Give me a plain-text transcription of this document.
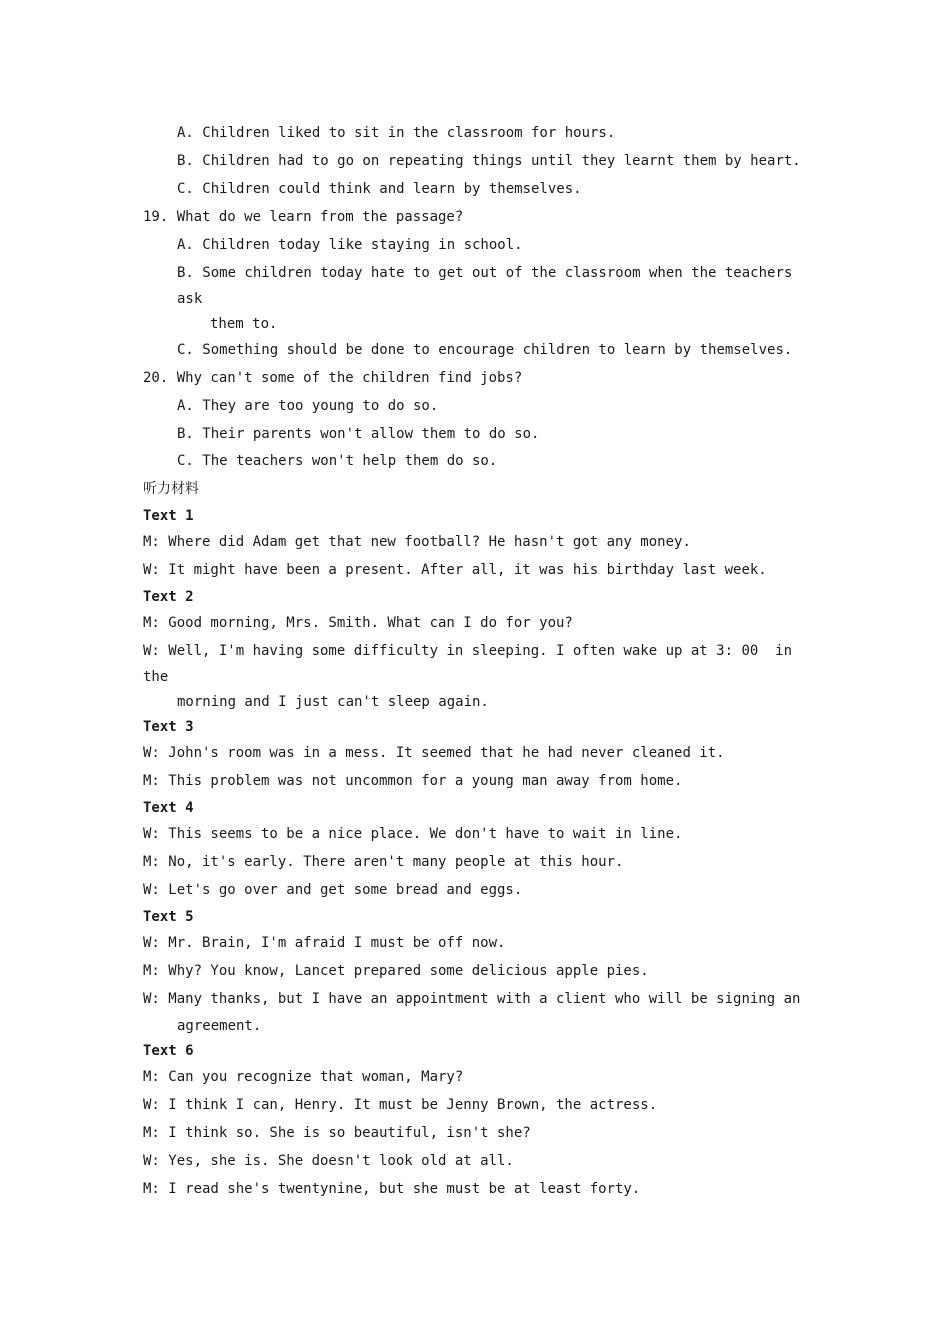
A. Children liked to sit in the classroom for hours.
B. Children had to go on repeating things until they learnt them by heart.
C. Children could think and learn by themselves.
19. What do we learn from the passage?
A. Children today like staying in school.
B. Some children today hate to get out of the classroom when the teachers
ask
them to.
C. Something should be done to encourage children to learn by themselves.
20. Why can't some of the children find jobs?
A. They are too young to do so.
B. Their parents won't allow them to do so.
C. The teachers won't help them do so.
听力材料
Text 1
M: Where did Adam get that new football? He hasn't got any money.
W: It might have been a present. After all, it was his birthday last week.
Text 2
M: Good morning, Mrs. Smith. What can I do for you?
W: Well, I'm having some difficulty in sleeping. I often wake up at 3: 00  in
the
morning and I just can't sleep again.
Text 3
W: John's room was in a mess. It seemed that he had never cleaned it.
M: This problem was not uncommon for a young man away from home.
Text 4
W: This seems to be a nice place. We don't have to wait in line.
M: No, it's early. There aren't many people at this hour.
W: Let's go over and get some bread and eggs.
Text 5
W: Mr. Brain, I'm afraid I must be off now.
M: Why? You know, Lancet prepared some delicious apple pies.
W: Many thanks, but I have an appointment with a client who will be signing an
agreement.
Text 6
M: Can you recognize that woman, Mary?
W: I think I can, Henry. It must be Jenny Brown, the actress.
M: I think so. She is so beautiful, isn't she?
W: Yes, she is. She doesn't look old at all.
M: I read she's twentynine, but she must be at least forty.
